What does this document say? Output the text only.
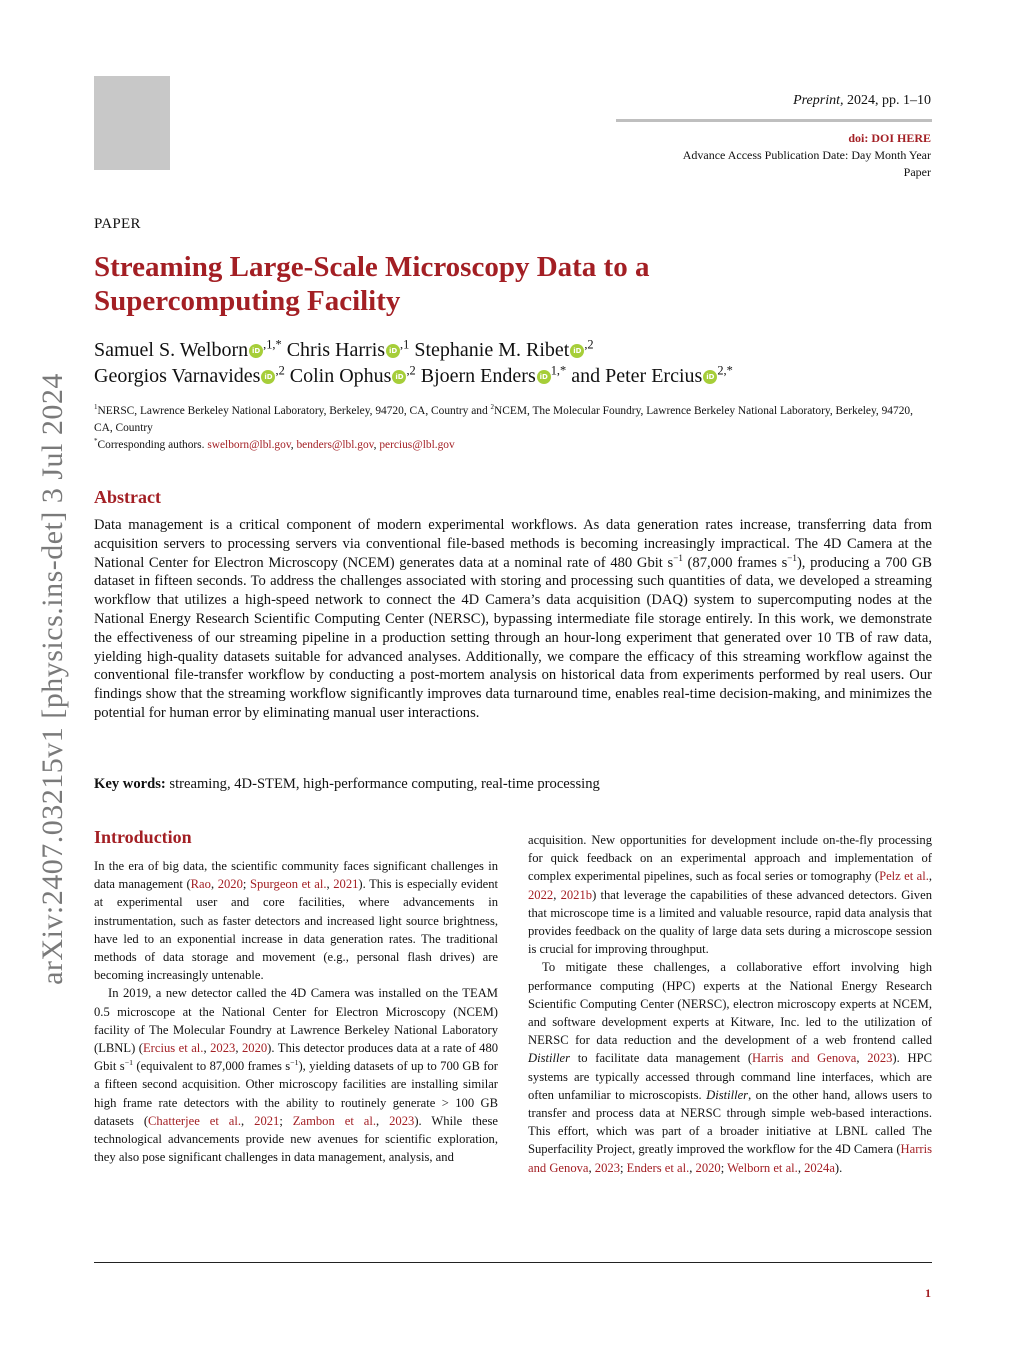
arXiv:2407.03215v1 [physics.ins-det] 3 Jul 2024
Preprint, 2024, pp. 1–10
doi: DOI HERE
Advance Access Publication Date: Day Month Year
Paper
PAPER
Streaming Large-Scale Microscopy Data to a
Supercomputing Facility
Samuel S. Welborn iD $^{,1,*}$ Chris Harris iD $^{,1}$ Stephanie M. Ribet iD $^{,2}$
Georgios Varnavides iD $^{,2}$ Colin Ophus iD $^{,2}$ Bjoern Enders iD $^{1,*}$ and Peter Ercius iD $^{2,*}$
$^1$NERSC, Lawrence Berkeley National Laboratory, Berkeley, 94720, CA, Country and $^2$NCEM, The Molecular Foundry, Lawrence Berkeley National Laboratory, Berkeley, 94720, CA, Country
*Corresponding authors. swelborn@lbl.gov, benders@lbl.gov, percius@lbl.gov
Abstract
Data management is a critical component of modern experimental workflows. As data generation rates increase, transferring data from acquisition servers to processing servers via conventional file-based methods is becoming increasingly impractical. The 4D Camera at the National Center for Electron Microscopy (NCEM) generates data at a nominal rate of 480 Gbit $s^{-1}$ (87,000 frames $s^{-1}$), producing a 700 GB dataset in fifteen seconds. To address the challenges associated with storing and processing such quantities of data, we developed a streaming workflow that utilizes a high-speed network to connect the 4D Camera’s data acquisition (DAQ) system to supercomputing nodes at the National Energy Research Scientific Computing Center (NERSC), bypassing intermediate file storage entirely. In this work, we demonstrate the effectiveness of our streaming pipeline in a production setting through an hour-long experiment that generated over 10 TB of raw data, yielding high-quality datasets suitable for advanced analyses. Additionally, we compare the efficacy of this streaming workflow against the conventional file-transfer workflow by conducting a post-mortem analysis on historical data from experiments performed by real users. Our findings show that the streaming workflow significantly improves data turnaround time, enables real-time decision-making, and minimizes the potential for human error by eliminating manual user interactions.
Key words: streaming, 4D-STEM, high-performance computing, real-time processing
Introduction

In the era of big data, the scientific community faces significant challenges in data management (Rao, 2020; Spurgeon et al., 2021). This is especially evident at experimental user and core facilities, where advancements in instrumentation, such as faster detectors and increased light source brightness, have led to an exponential increase in data generation rates. The traditional methods of data storage and movement (e.g., personal flash drives) are becoming increasingly untenable.

In 2019, a new detector called the 4D Camera was installed on the TEAM 0.5 microscope at the National Center for Electron Microscopy (NCEM) facility of The Molecular Foundry at Lawrence Berkeley National Laboratory (LBNL) (Ercius et al., 2023, 2020). This detector produces data at a rate of 480 Gbit $s^{-1}$ (equivalent to 87,000 frames $s^{-1}$), yielding datasets of up to 700 GB for a fifteen second acquisition. Other microscopy facilities are installing similar high frame rate detectors with the ability to routinely generate > 100 GB datasets (Chatterjee et al., 2021; Zambon et al., 2023). While these technological advancements provide new avenues for scientific exploration, they also pose significant challenges in data management, analysis, and

acquisition. New opportunities for development include on-the-fly processing for quick feedback on an experimental approach and implementation of complex experimental pipelines, such as focal series or tomography (Pelz et al., 2022, 2021b) that leverage the capabilities of these advanced detectors. Given that microscope time is a limited and valuable resource, rapid data analysis that provides feedback on the quality of large data sets during a microscope session is crucial for improving throughput.

To mitigate these challenges, a collaborative effort involving high performance computing (HPC) experts at the National Energy Research Scientific Computing Center (NERSC), electron microscopy experts at NCEM, and software development experts at Kitware, Inc. led to the utilization of NERSC for data reduction and the development of a web frontend called Distiller to facilitate data management (Harris and Genova, 2023). HPC systems are typically accessed through command line interfaces, which are often unfamiliar to microscopists. Distiller, on the other hand, allows users to transfer and process data at NERSC through simple web-based interactions. This effort, which was part of a broader initiative at LBNL called The Superfacility Project, greatly improved the workflow for the 4D Camera (Harris and Genova, 2023; Enders et al., 2020; Welborn et al., 2024a).

1
